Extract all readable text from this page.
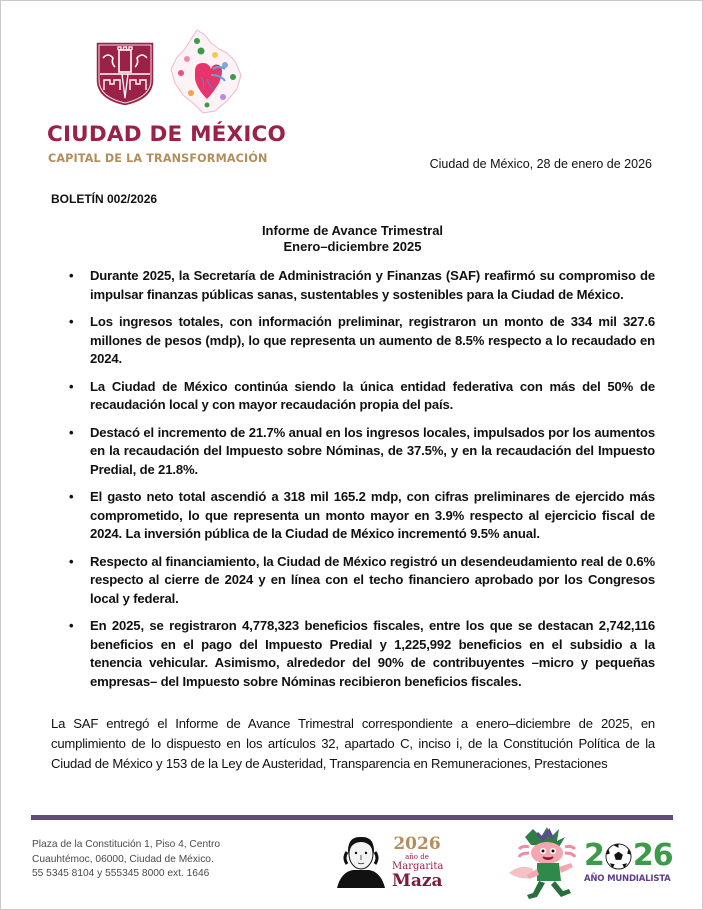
CIUDAD DE MÉXICO
CAPITAL DE LA TRANSFORMACIÓN	Ciudad de México, 28 de enero de 2026
BOLETÍN 002/2026
Informe de Avance Trimestral
Enero–diciembre 2025
• Durante 2025, la Secretaría de Administración y Finanzas (SAF) reafirmó su compromiso de impulsar finanzas públicas sanas, sustentables y sostenibles para la Ciudad de México.
• Los ingresos totales, con información preliminar, registraron un monto de 334 mil 327.6 millones de pesos (mdp), lo que representa un aumento de 8.5% respecto a lo recaudado en 2024.
• La Ciudad de México continúa siendo la única entidad federativa con más del 50% de recaudación local y con mayor recaudación propia del país.
• Destacó el incremento de 21.7% anual en los ingresos locales, impulsados por los aumentos en la recaudación del Impuesto sobre Nóminas, de 37.5%, y en la recaudación del Impuesto Predial, de 21.8%.
• El gasto neto total ascendió a 318 mil 165.2 mdp, con cifras preliminares de ejercido más comprometido, lo que representa un monto mayor en 3.9% respecto al ejercicio fiscal de 2024. La inversión pública de la Ciudad de México incrementó 9.5% anual.
• Respecto al financiamiento, la Ciudad de México registró un desendeudamiento real de 0.6% respecto al cierre de 2024 y en línea con el techo financiero aprobado por los Congresos local y federal.
• En 2025, se registraron 4,778,323 beneficios fiscales, entre los que se destacan 2,742,116 beneficios en el pago del Impuesto Predial y 1,225,992 beneficios en el subsidio a la tenencia vehicular. Asimismo, alrededor del 90% de contribuyentes –micro y pequeñas empresas– del Impuesto sobre Nóminas recibieron beneficios fiscales.

La SAF entregó el Informe de Avance Trimestral correspondiente a enero–diciembre de 2025, en cumplimiento de lo dispuesto en los artículos 32, apartado C, inciso i, de la Constitución Política de la Ciudad de México y 153 de la Ley de Austeridad, Transparencia en Remuneraciones, Prestaciones

Plaza de la Constitución 1, Piso 4, Centro
Cuauhtémoc, 06000, Ciudad de México.
55 5345 8104 y 555345 8000 ext. 1646
2026
año de
Margarita
Maza
2 26
AÑO MUNDIALISTA
